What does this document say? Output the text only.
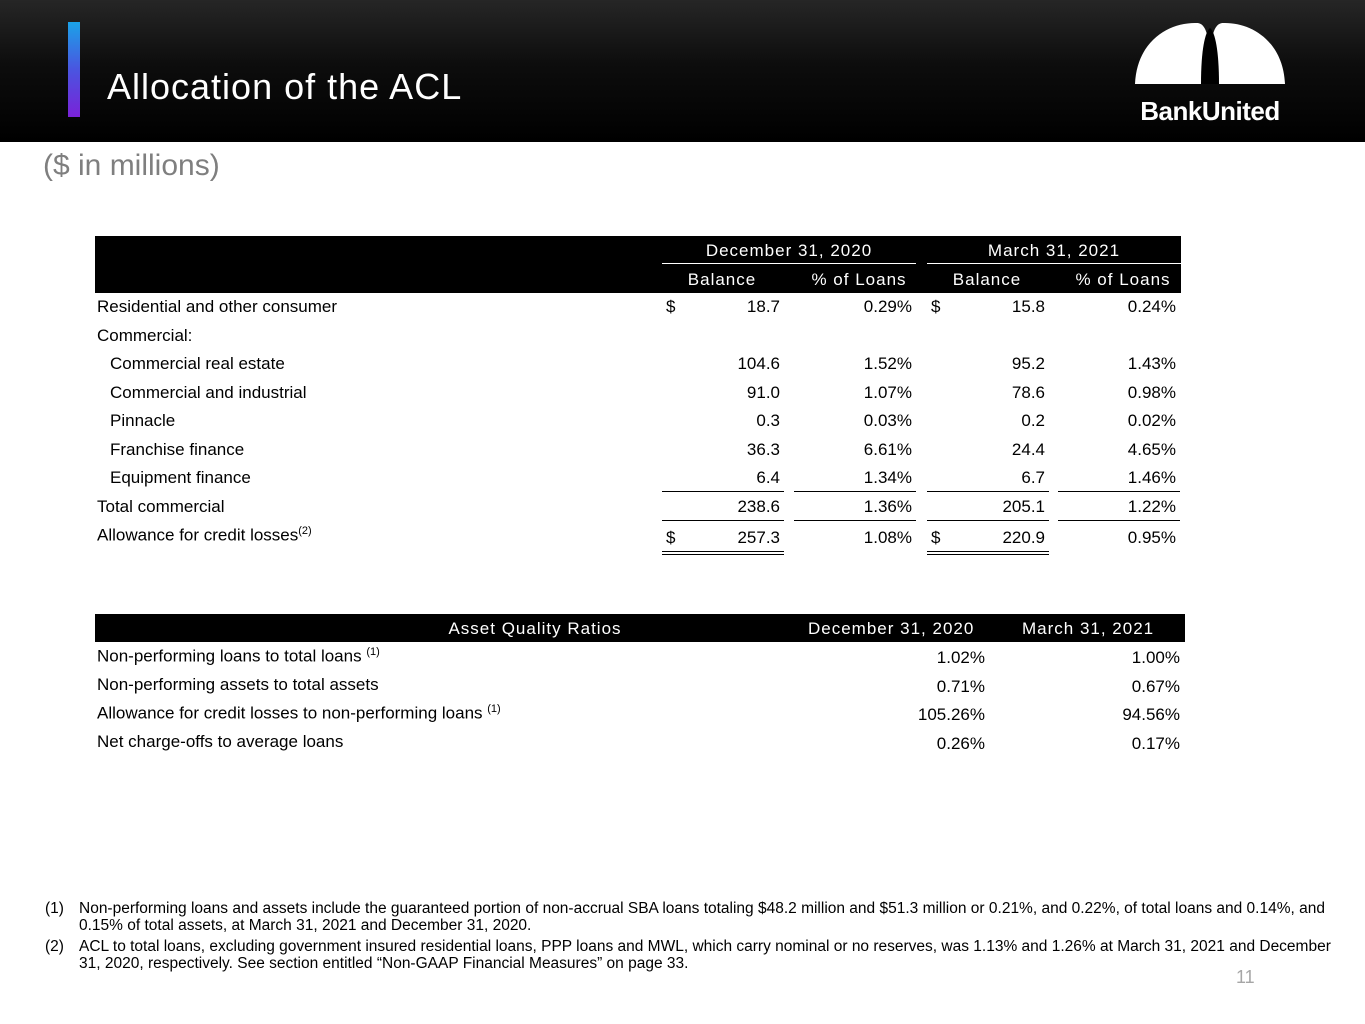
Allocation of the ACL
BankUnited
($ in millions)
December 31, 2020	March 31, 2021
Balance	% of Loans	Balance	% of Loans
Residential and other consumer	$	18.7	0.29% $	15.8	0.24%
Commercial:
Commercial real estate	104.6	1.52%	95.2	1.43%
Commercial and industrial	91.0	1.07%	78.6	0.98%
Pinnacle	0.3	0.03%	0.2	0.02%
Franchise finance	36.3	6.61%	24.4	4.65%
Equipment finance	6.4	1.34%	6.7	1.46%
Total commercial	238.6	1.36%	205.1	1.22%
Allowance for credit losses$^{(2)}$	$	257.3	1.08% $	220.9	0.95%
Asset Quality Ratios	December 31, 2020	March 31, 2021
Non-performing loans to total loans $^{(1)}$	1.02%	1.00%
Non-performing assets to total assets	0.71%	0.67%
Allowance for credit losses to non-performing loans $^{(1)}$	105.26%	94.56%
Net charge-offs to average loans	0.26%	0.17%
(1) Non-performing loans and assets include the guaranteed portion of non-accrual SBA loans totaling $48.2 million and $51.3 million or 0.21%, and 0.22%, of total loans and 0.14%, and 0.15% of total assets, at March 31, 2021 and December 31, 2020.
(2) ACL to total loans, excluding government insured residential loans, PPP loans and MWL, which carry nominal or no reserves, was 1.13% and 1.26% at March 31, 2021 and December 31, 2020, respectively. See section entitled “Non-GAAP Financial Measures” on page 33.
11
